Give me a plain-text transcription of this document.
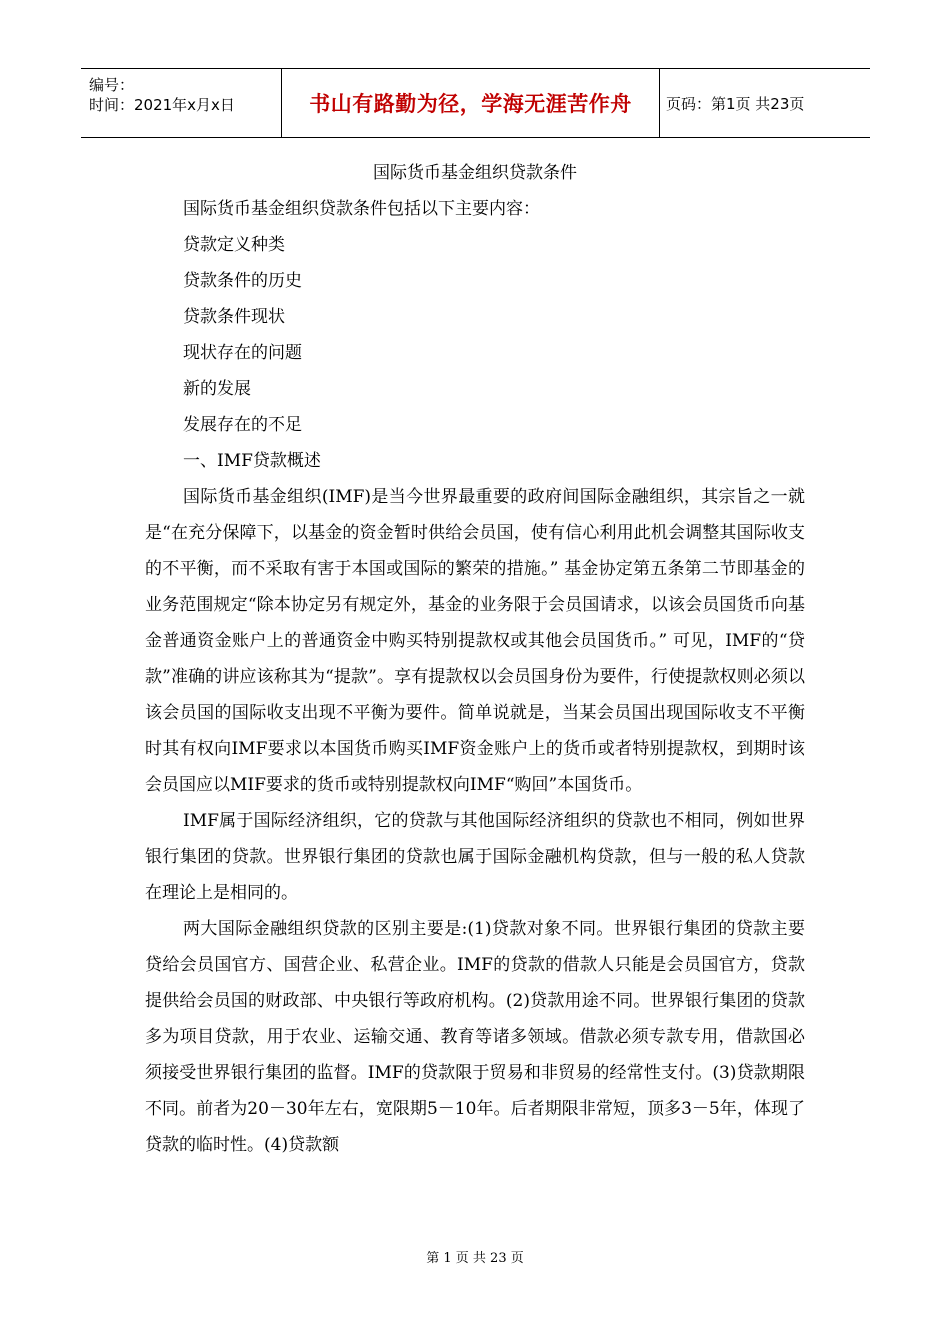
编号：
时间：2021年x月x日	书山有路勤为径，学海无涯苦作舟 页码：第1页 共23页

国际货币基金组织贷款条件

国际货币基金组织贷款条件包括以下主要内容：

贷款定义种类

贷款条件的历史

贷款条件现状

现状存在的问题

新的发展

发展存在的不足

一、IMF贷款概述

国际货币基金组织(IMF)是当今世界最重要的政府间国际金融组织，其宗旨之一就是“在充分保障下，以基金的资金暂时供给会员国，使有信心利用此机会调整其国际收支的不平衡，而不采取有害于本国或国际的繁荣的措施。” 基金协定第五条第二节即基金的业务范围规定“除本协定另有规定外，基金的业务限于会员国请求，以该会员国货币向基金普通资金账户上的普通资金中购买特别提款权或其他会员国货币。” 可见，IMF的“贷款”准确的讲应该称其为“提款”。享有提款权以会员国身份为要件，行使提款权则必须以该会员国的国际收支出现不平衡为要件。简单说就是，当某会员国出现国际收支不平衡时其有权向IMF要求以本国货币购买IMF资金账户上的货币或者特别提款权，到期时该会员国应以MIF要求的货币或特别提款权向IMF“购回”本国货币。

IMF属于国际经济组织，它的贷款与其他国际经济组织的贷款也不相同，例如世界银行集团的贷款。世界银行集团的贷款也属于国际金融机构贷款，但与一般的私人贷款在理论上是相同的。

两大国际金融组织贷款的区别主要是:(1)贷款对象不同。世界银行集团的贷款主要贷给会员国官方、国营企业、私营企业。IMF的贷款的借款人只能是会员国官方，贷款提供给会员国的财政部、中央银行等政府机构。(2)贷款用途不同。世界银行集团的贷款多为项目贷款，用于农业、运输交通、教育等诸多领域。借款必须专款专用，借款国必须接受世界银行集团的监督。IMF的贷款限于贸易和非贸易的经常性支付。(3)贷款期限不同。前者为20－30年左右，宽限期5－10年。后者期限非常短，顶多3－5年，体现了贷款的临时性。(4)贷款额

第 1 页 共 23 页
